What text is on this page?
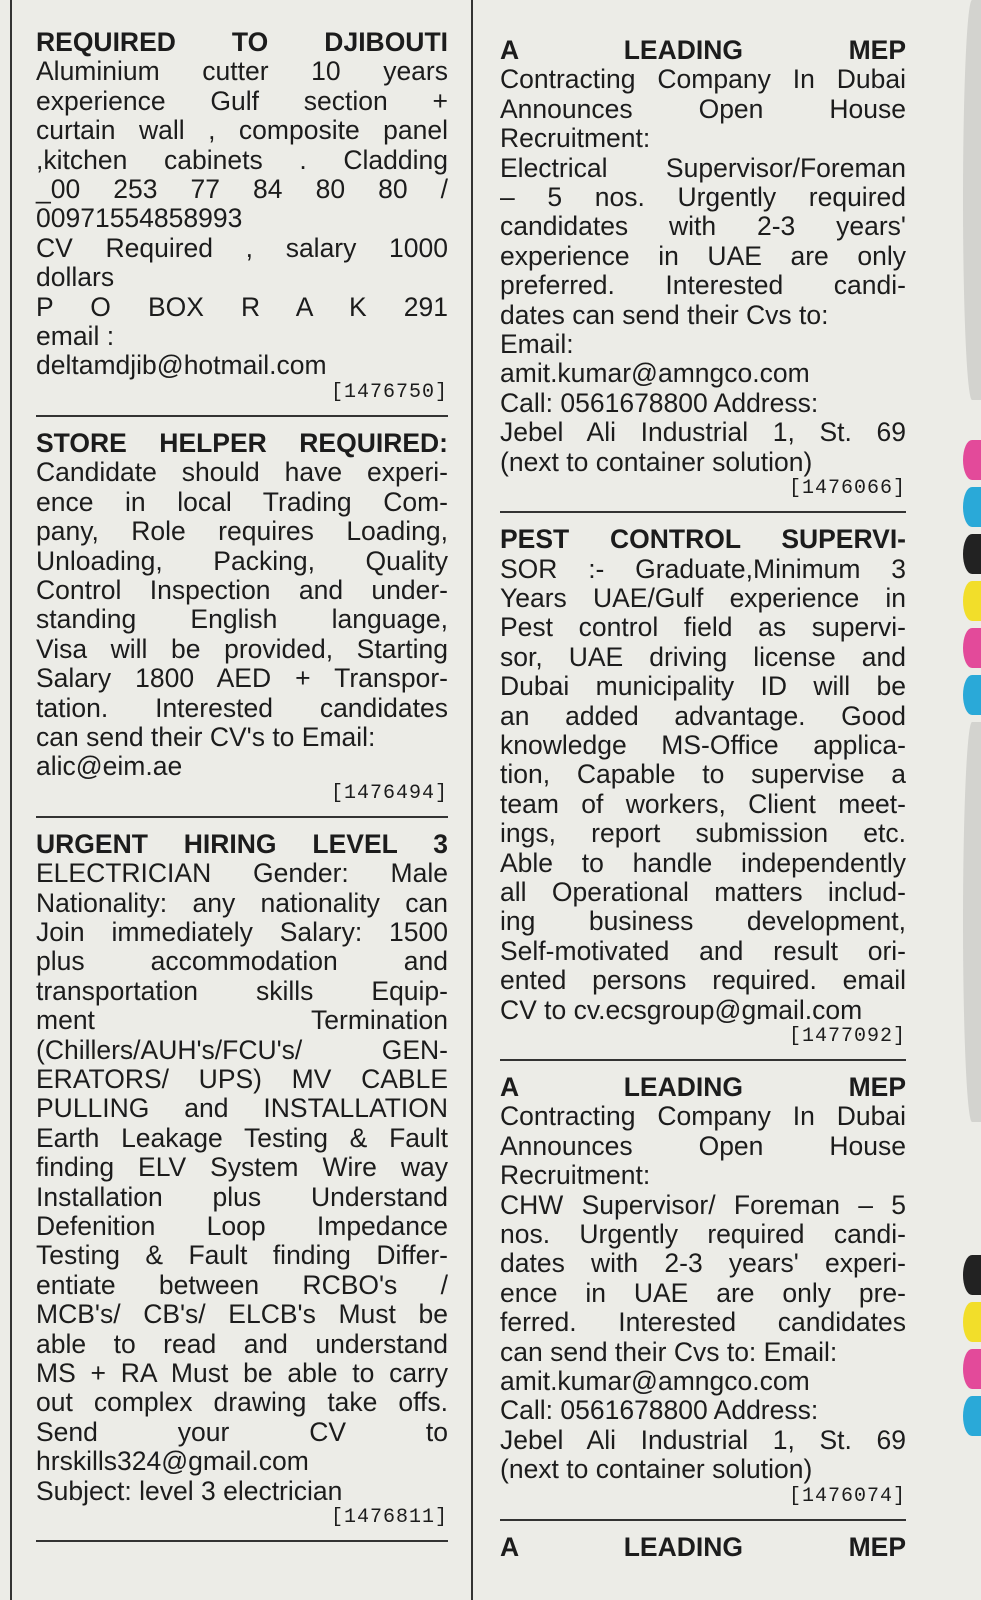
REQUIRED TO DJIBOUTI

Aluminium cutter 10 years

experience Gulf section +

curtain wall , composite panel

,kitchen cabinets . Cladding

_00 253 77 84 80 80 /

00971554858993

CV Required , salary 1000

dollars

P O BOX R A K 291

email :

deltamdjib@hotmail.com

[1476750]

STORE HELPER REQUIRED:

Candidate should have experi-

ence in local Trading Com-

pany, Role requires Loading,

Unloading, Packing, Quality

Control Inspection and under-

standing English language,

Visa will be provided, Starting

Salary 1800 AED + Transpor-

tation. Interested candidates

can send their CV's to Email:

alic@eim.ae

[1476494]

URGENT HIRING LEVEL 3

ELECTRICIAN Gender: Male

Nationality: any nationality can

Join immediately Salary: 1500

plus accommodation and

transportation skills Equip-

ment Termination

(Chillers/AUH's/FCU's/ GEN-

ERATORS/ UPS) MV CABLE

PULLING and INSTALLATION

Earth Leakage Testing & Fault

finding ELV System Wire way

Installation plus Understand

Defenition Loop Impedance

Testing & Fault finding Differ-

entiate between RCBO's /

MCB's/ CB's/ ELCB's Must be

able to read and understand

MS + RA Must be able to carry

out complex drawing take offs.

Send your CV to

hrskills324@gmail.com

Subject: level 3 electrician

[1476811]

A LEADING MEP

Contracting Company In Dubai

Announces Open House

Recruitment:

Electrical Supervisor/Foreman

– 5 nos. Urgently required

candidates with 2-3 years'

experience in UAE are only

preferred. Interested candi-

dates can send their Cvs to:

Email:

amit.kumar@amngco.com

Call: 0561678800 Address:

Jebel Ali Industrial 1, St. 69

(next to container solution)

[1476066]

PEST CONTROL SUPERVI-

SOR :- Graduate,Minimum 3

Years UAE/Gulf experience in

Pest control field as supervi-

sor, UAE driving license and

Dubai municipality ID will be

an added advantage. Good

knowledge MS-Office applica-

tion, Capable to supervise a

team of workers, Client meet-

ings, report submission etc.

Able to handle independently

all Operational matters includ-

ing business development,

Self-motivated and result ori-

ented persons required. email

CV to cv.ecsgroup@gmail.com

[1477092]

A LEADING MEP

Contracting Company In Dubai

Announces Open House

Recruitment:

CHW Supervisor/ Foreman – 5

nos. Urgently required candi-

dates with 2-3 years' experi-

ence in UAE are only pre-

ferred. Interested candidates

can send their Cvs to: Email:

amit.kumar@amngco.com

Call: 0561678800 Address:

Jebel Ali Industrial 1, St. 69

(next to container solution)

[1476074]

A LEADING MEP
